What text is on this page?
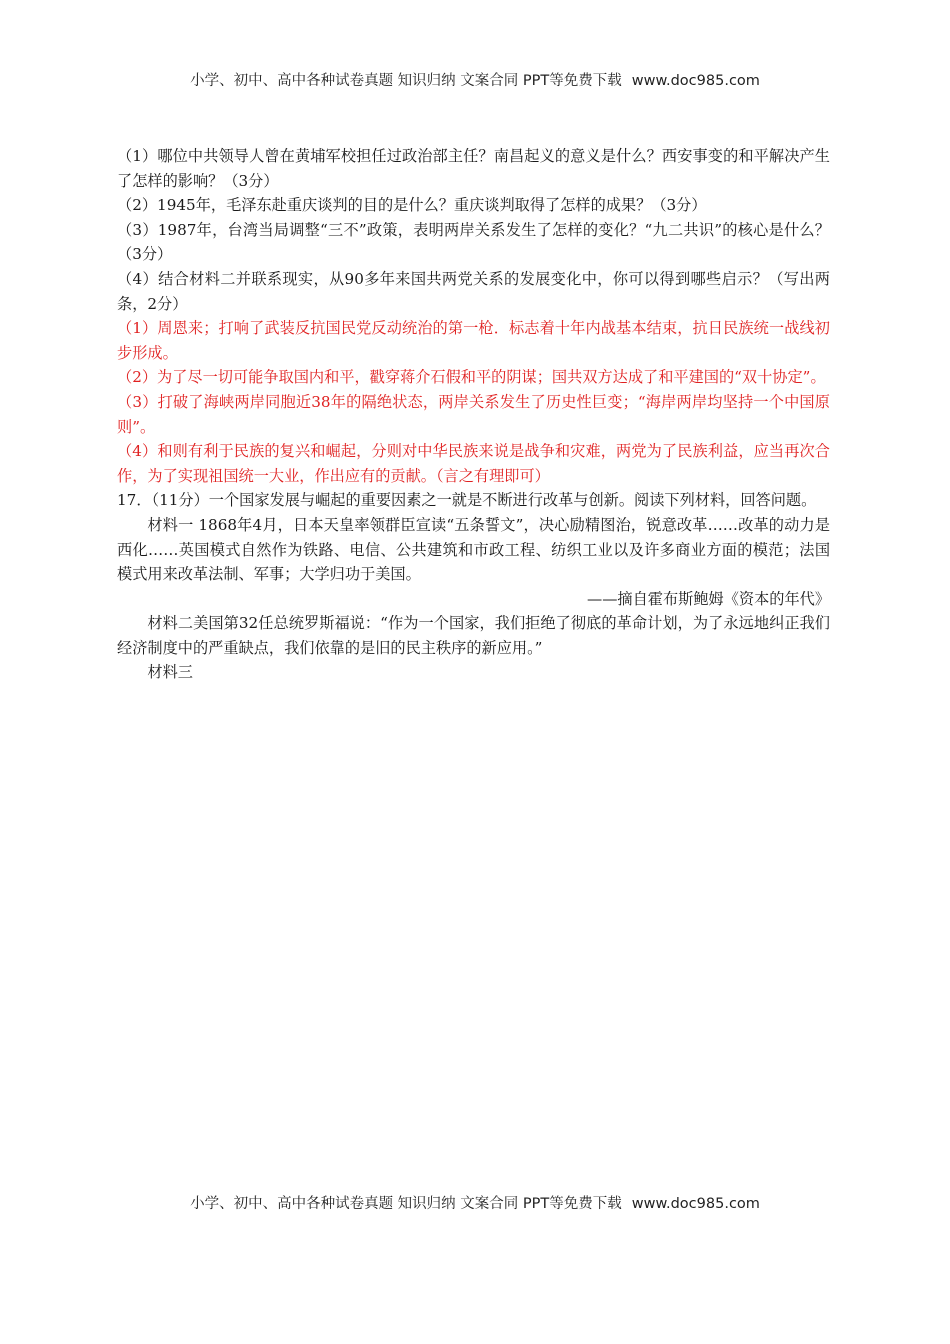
小学、初中、高中各种试卷真题 知识归纳 文案合同 PPT等免费下载 www.doc985.com

（1）哪位中共领导人曾在黄埔军校担任过政治部主任？南昌起义的意义是什么？西安事变的和平解决产生了怎样的影响？（3分）

（2）1945年，毛泽东赴重庆谈判的目的是什么？重庆谈判取得了怎样的成果？（3分）

（3）1987年，台湾当局调整“三不”政策，表明两岸关系发生了怎样的变化？“九二共识”的核心是什么？（3分）

（4）结合材料二并联系现实，从90多年来国共两党关系的发展变化中，你可以得到哪些启示？（写出两条，2分）

（1）周恩来；打响了武装反抗国民党反动统治的第一枪．标志着十年内战基本结束，抗日民族统一战线初步形成。

（2）为了尽一切可能争取国内和平，戳穿蒋介石假和平的阴谋；国共双方达成了和平建国的“双十协定”。

（3）打破了海峡两岸同胞近38年的隔绝状态，两岸关系发生了历史性巨变；“海岸两岸均坚持一个中国原则”。

（4）和则有利于民族的复兴和崛起，分则对中华民族来说是战争和灾难，两党为了民族利益，应当再次合作，为了实现祖国统一大业，作出应有的贡献。（言之有理即可）

17．（11分）一个国家发展与崛起的重要因素之一就是不断进行改革与创新。阅读下列材料，回答问题。

材料一 1868年4月，日本天皇率领群臣宣读“五条誓文”，决心励精图治，锐意改革……改革的动力是西化……英国模式自然作为铁路、电信、公共建筑和市政工程、纺织工业以及许多商业方面的模范；法国模式用来改革法制、军事；大学归功于美国。

——摘自霍布斯鲍姆《资本的年代》

材料二美国第32任总统罗斯福说：“作为一个国家，我们拒绝了彻底的革命计划，为了永远地纠正我们经济制度中的严重缺点，我们依靠的是旧的民主秩序的新应用。”

材料三

小学、初中、高中各种试卷真题 知识归纳 文案合同 PPT等免费下载 www.doc985.com
